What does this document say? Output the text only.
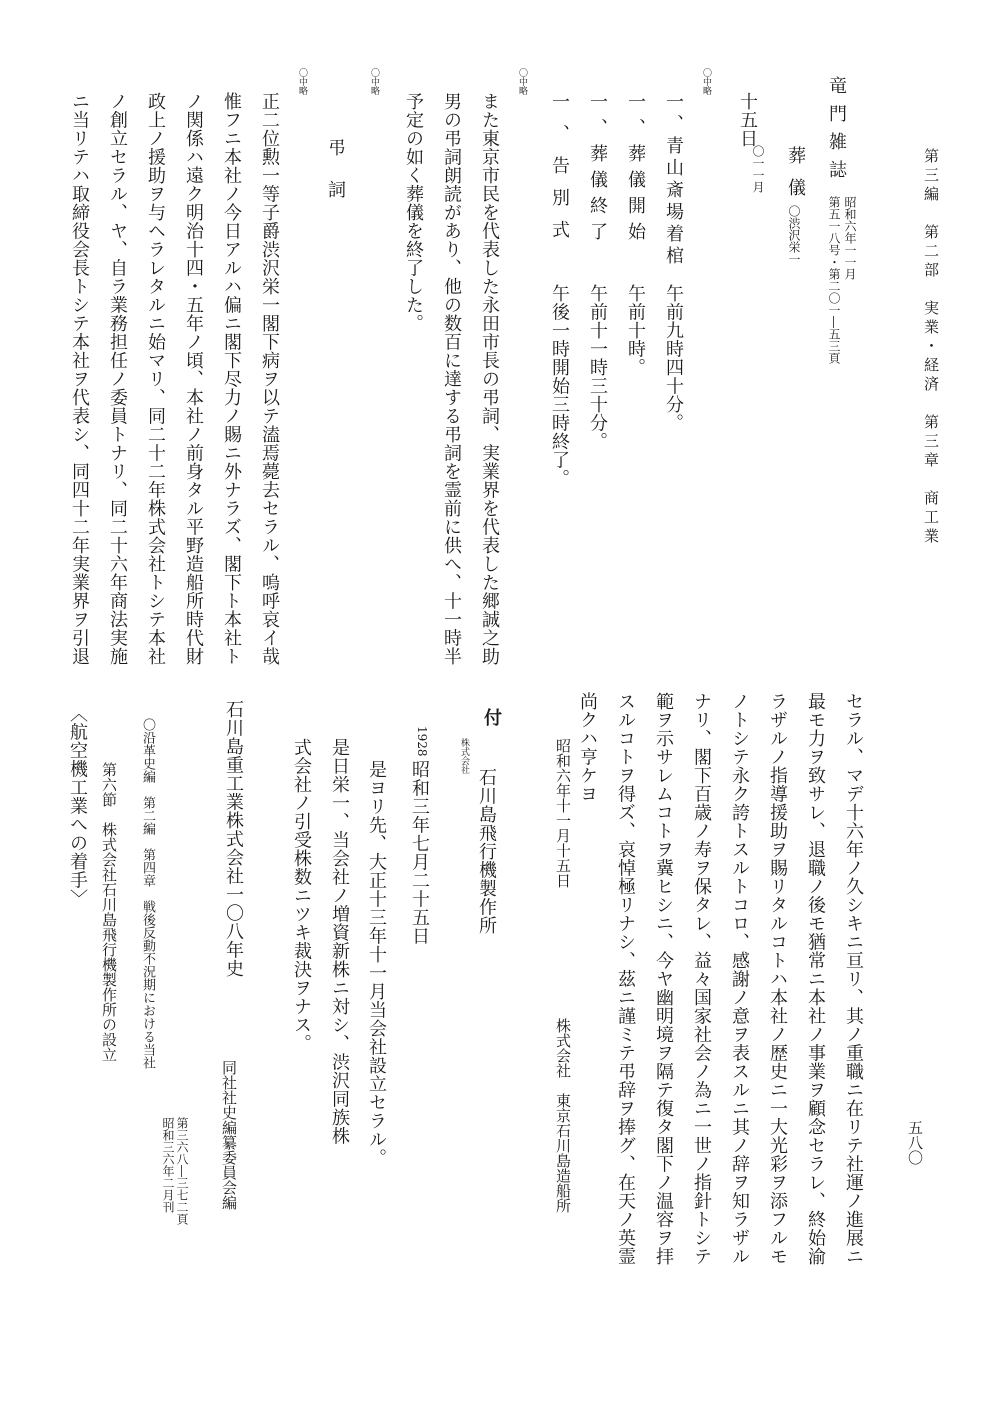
第三編　第二部　実業・経済　第三章　商工業
五八〇
竜門雑誌
第五一八号・第二〇一―五三頁 昭和六年一一月
葬儀
〇渋沢栄一
十五日
〇一一月
〇中略
一、青山斎場着棺
午前九時四十分。
一、葬儀開始
午前十時。
一、葬儀終了
午前十一時三十分。
一、告別式
午後一時開始三時終了。
〇中略
また東京市民を代表した永田市長の弔詞、実業界を代表した郷誠之助
男の弔詞朗読があり、他の数百に達する弔詞を霊前に供へ、十一時半
予定の如く葬儀を終了した。
〇中略
弔詞
〇中略
正二位勲一等子爵渋沢栄一閣下病ヲ以テ溘焉薨去セラル、嗚呼哀イ哉
惟フニ本社ノ今日アルハ偏ニ閣下尽力ノ賜ニ外ナラズ、閣下ト本社ト
ノ関係ハ遠ク明治十四・五年ノ頃、本社ノ前身タル平野造船所時代財
政上ノ援助ヲ与ヘラレタルニ始マリ、同二十二年株式会社トシテ本社
ノ創立セラル、ヤ、自ラ業務担任ノ委員トナリ、同二十六年商法実施
ニ当リテハ取締役会長トシテ本社ヲ代表シ、同四十二年実業界ヲ引退
セラル、マデ十六年ノ久シキニ亘リ、其ノ重職ニ在リテ社運ノ進展ニ
最モ力ヲ致サレ、退職ノ後モ猶常ニ本社ノ事業ヲ顧念セラレ、終始渝
ラザルノ指導援助ヲ賜リタルコトハ本社ノ歴史ニ一大光彩ヲ添フルモ
ノトシテ永ク誇トスルトコロ、感謝ノ意ヲ表スルニ其ノ辞ヲ知ラザル
ナリ、閣下百歳ノ寿ヲ保タレ、益々国家社会ノ為ニ一世ノ指針トシテ
範ヲ示サレムコトヲ冀ヒシニ、今ヤ幽明境ヲ隔テ復タ閣下ノ温容ヲ拝
スルコトヲ得ズ、哀悼極リナシ、茲ニ謹ミテ弔辞ヲ捧グ、在天ノ英霊
尚クハ亨ケヨ
昭和六年十一月十五日
株式会社　東京石川島造船所
付
株式会社
石川島飛行機製作所
1928
昭和三年七月二十五日
是ヨリ先、大正十三年十一月当会社設立セラル。
是日栄一、当会社ノ増資新株ニ対シ、渋沢同族株
式会社ノ引受株数ニツキ裁決ヲナス。
石川島重工業株式会社一〇八年史
同社社史編纂委員会編
第三六八―三七二頁
昭和三六年二月刊
〇沿革史編　第二編　第四章　戦後反動不況期における当社
第六節　株式会社石川島飛行機製作所の設立
〈航空機工業への着手〉
